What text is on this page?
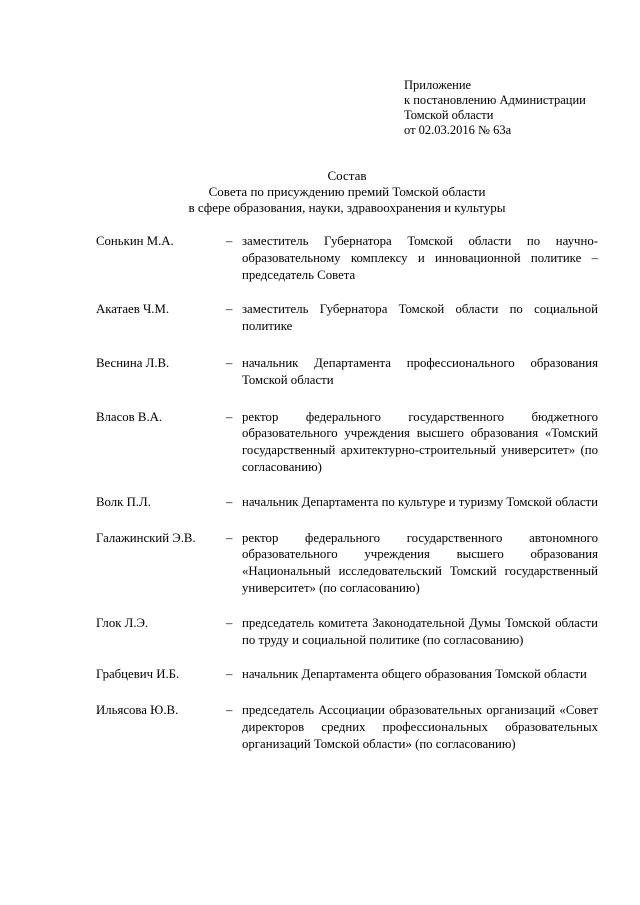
Приложение
к постановлению Администрации
Томской области
от 02.03.2016 № 63а
Состав
Совета по присуждению премий Томской области
в сфере образования, науки, здравоохранения и культуры
Сонькин М.А.	– заместитель Губернатора Томской области по научно-образовательному комплексу и инновационной политике – председатель Совета
Акатаев Ч.М.	– заместитель Губернатора Томской области по социальной политике
Веснина Л.В.	– начальник Департамента профессионального образования Томской области
Власов В.А.	– ректор федерального государственного бюджетного образовательного учреждения высшего образования «Томский государственный архитектурно-строительный университет» (по согласованию)
Волк П.Л.	– начальник Департамента по культуре и туризму Томской области
Галажинский Э.В.	– ректор федерального государственного автономного образовательного учреждения высшего образования «Национальный исследовательский Томский государственный университет» (по согласованию)
Глок Л.Э.	– председатель комитета Законодательной Думы Томской области по труду и социальной политике (по согласованию)
Грабцевич И.Б.	– начальник Департамента общего образования Томской области
Ильясова Ю.В.	– председатель Ассоциации образовательных организаций «Совет директоров средних профессиональных образовательных организаций Томской области» (по согласованию)
